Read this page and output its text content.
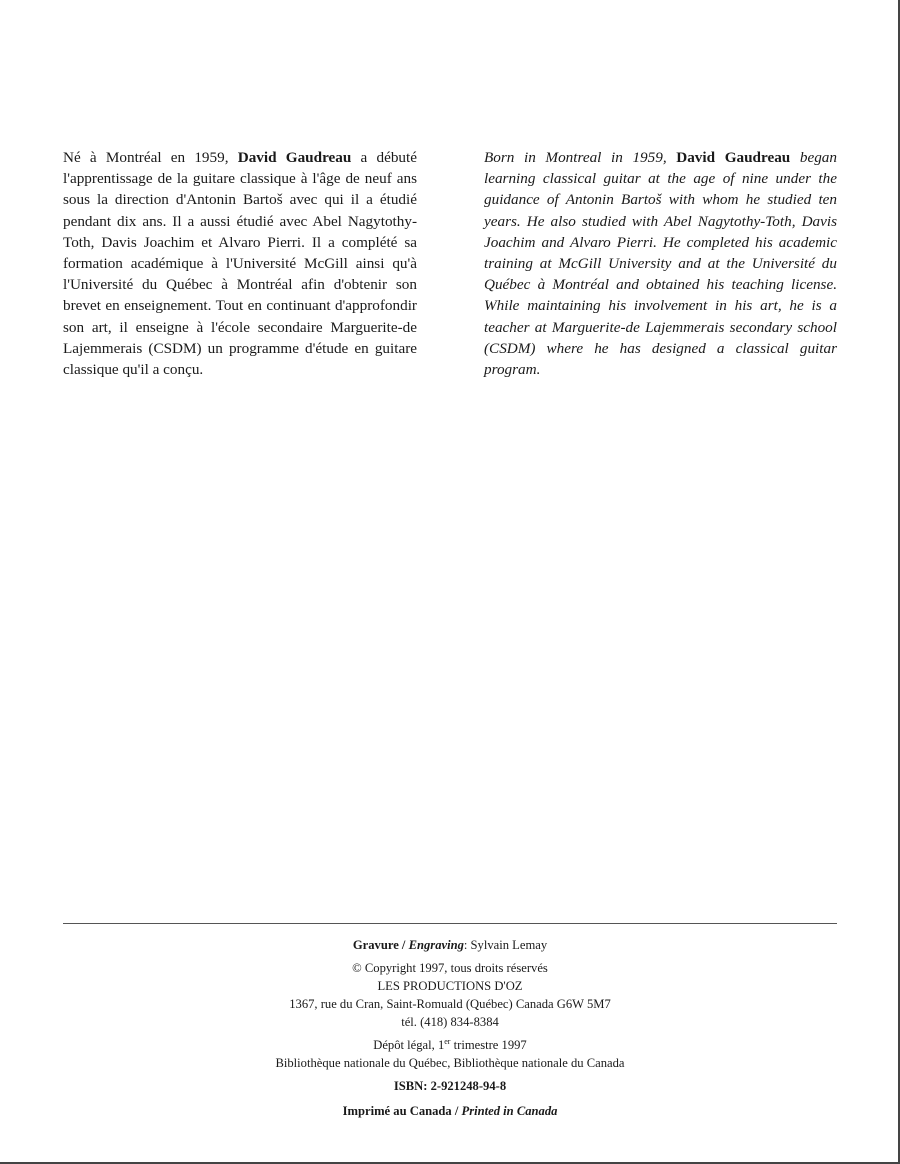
Né à Montréal en 1959, David Gaudreau a débuté l'apprentissage de la guitare classique à l'âge de neuf ans sous la direction d'Antonin Bartoš avec qui il a étudié pendant dix ans. Il a aussi étudié avec Abel Nagytothy-Toth, Davis Joachim et Alvaro Pierri. Il a complété sa formation académique à l'Université McGill ainsi qu'à l'Université du Québec à Montréal afin d'obtenir son brevet en enseignement. Tout en continuant d'approfondir son art, il enseigne à l'école secondaire Marguerite-de Lajemmerais (CSDM) un programme d'étude en guitare classique qu'il a conçu.
Born in Montreal in 1959, David Gaudreau began learning classical guitar at the age of nine under the guidance of Antonin Bartoš with whom he studied ten years. He also studied with Abel Nagytothy-Toth, Davis Joachim and Alvaro Pierri. He completed his academic training at McGill University and at the Université du Québec à Montréal and obtained his teaching license. While maintaining his involvement in his art, he is a teacher at Marguerite-de Lajemmerais secondary school (CSDM) where he has designed a classical guitar program.

Gravure / Engraving: Sylvain Lemay

© Copyright 1997, tous droits réservés

LES PRODUCTIONS D'OZ

1367, rue du Cran, Saint-Romuald (Québec) Canada G6W 5M7

tél. (418) 834-8384

Dépôt légal, 1er trimestre 1997

Bibliothèque nationale du Québec, Bibliothèque nationale du Canada

ISBN: 2-921248-94-8

Imprimé au Canada / Printed in Canada
